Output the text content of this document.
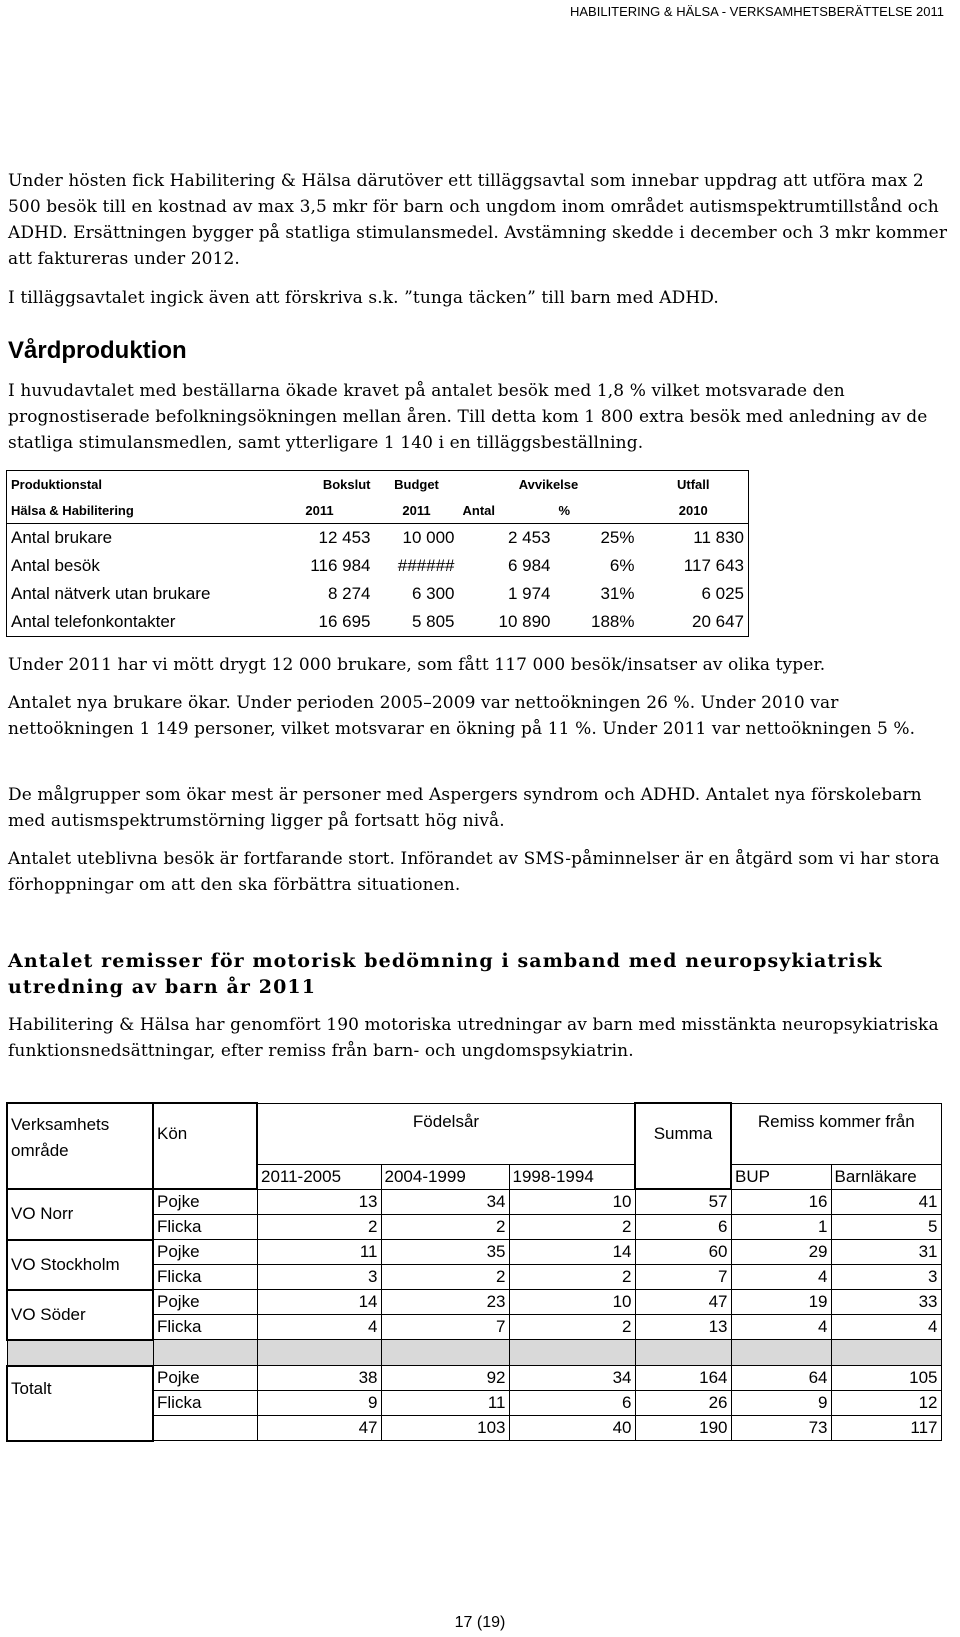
HABILITERING & HÄLSA - VERKSAMHETSBERÄTTELSE 2011
Under hösten fick Habilitering & Hälsa därutöver ett tilläggsavtal som innebar uppdrag att utföra max 2 500 besök till en kostnad av max 3,5 mkr för barn och ungdom inom området autismspektrumtillstånd och ADHD. Ersättningen bygger på statliga stimulansmedel. Avstämning skedde i december och 3 mkr kommer att faktureras under 2012.
I tilläggsavtalet ingick även att förskriva s.k. ”tunga täcken” till barn med ADHD.
Vårdproduktion
I huvudavtalet med beställarna ökade kravet på antalet besök med 1,8 % vilket motsvarade den prognostiserade befolkningsökningen mellan åren. Till detta kom 1 800 extra besök med anledning av de statliga stimulansmedlen, samt ytterligare 1 140 i en tilläggsbeställning.
Produktionstal	Bokslut	Budget	Avvikelse		Utfall
Hälsa & Habilitering	2011	2011	Antal	%	2010
Antal brukare	12 453	10 000	2 453	25%	11 830
Antal besök	116 984	######	6 984	6%	117 643
Antal nätverk utan brukare	8 274	6 300	1 974	31%	6 025
Antal telefonkontakter	16 695	5 805	10 890	188%	20 647
Under 2011 har vi mött drygt 12 000 brukare, som fått 117 000 besök/insatser av olika typer.
Antalet nya brukare ökar. Under perioden 2005–2009 var nettoökningen 26 %. Under 2010 var nettoökningen 1 149 personer, vilket motsvarar en ökning på 11 %. Under 2011 var nettoökningen 5 %.
De målgrupper som ökar mest är personer med Aspergers syndrom och ADHD. Antalet nya förskolebarn med autismspektrumstörning ligger på fortsatt hög nivå.
Antalet uteblivna besök är fortfarande stort. Införandet av SMS-påminnelser är en åtgärd som vi har stora förhoppningar om att den ska förbättra situationen.
Antalet remisser för motorisk bedömning i samband med neuropsykiatrisk utredning av barn år 2011
Habilitering & Hälsa har genomfört 190 motoriska utredningar av barn med misstänkta neuropsykiatriska funktionsnedsättningar, efter remiss från barn- och ungdomspsykiatrin.
Verksamhets område	Kön	Födelsår			Summa	Remiss kommer från	
		2011-2005	2004-1999	1998-1994		BUP	Barnläkare
VO Norr	Pojke	13	34	10	57	16	41
	Flicka	2	2	2	6	1	5
VO Stockholm	Pojke	11	35	14	60	29	31
	Flicka	3	2	2	7	4	3
VO Söder	Pojke	14	23	10	47	19	33
	Flicka	4	7	2	13	4	4

Totalt	Pojke	38	92	34	164	64	105
	Flicka	9	11	6	26	9	12
		47	103	40	190	73	117
17 (19)
